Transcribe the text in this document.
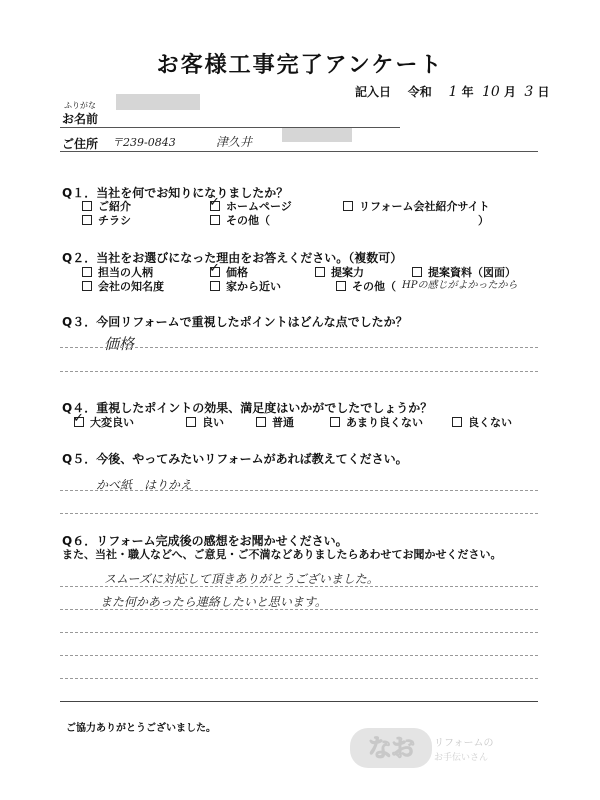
お客様工事完了アンケート
記入日 令和 1 年 10 月 3 日
ふりがな
お名前
ご住所 〒239-0843	津久井
Q１．当社を何でお知りになりましたか？
ご紹介 ✓	ホームページ	リフォーム会社紹介サイト
チラシ	その他（	）
Q２．当社をお選びになった理由をお答えください。（複数可）
担当の人柄 ✓	価格	提案力	提案資料（図面）
会社の知名度	家から近い	その他（ HPの感じがよかったから
Q３．今回リフォームで重視したポイントはどんな点でしたか？
価格
Q４．重視したポイントの効果、満足度はいかがでしたでしょうか？
✓大変良い	良い	普通	あまり良くない	良くない
Q５．今後、やってみたいリフォームがあれば教えてください。
かべ紙　はりかえ
Q６．リフォーム完成後の感想をお聞かせください。
また、当社・職人などへ、ご意見・ご不満などありましたらあわせてお聞かせください。
スムーズに対応して頂きありがとうございました。
また何かあったら連絡したいと思います。
ご協力ありがとうございました。
なお	リフォームの
お手伝いさん
